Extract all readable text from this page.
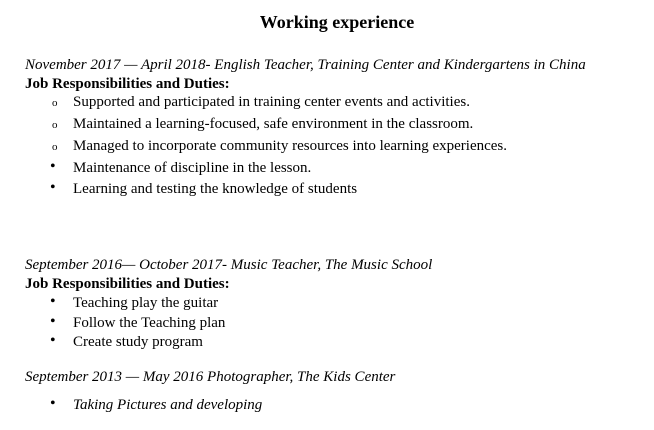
Working experience
November 2017 — April 2018- English Teacher, Training Center and Kindergartens in China
Job Responsibilities and Duties:
o Supported and participated in training center events and activities.
o Maintained a learning-focused, safe environment in the classroom.
o Managed to incorporate community resources into learning experiences.
• Maintenance of discipline in the lesson.
• Learning and testing the knowledge of students
September 2016— October 2017- Music Teacher, The Music School
Job Responsibilities and Duties:
• Teaching play the guitar
• Follow the Teaching plan
• Create study program
September 2013 — May 2016 Photographer, The Kids Center
• Taking Pictures and developing
